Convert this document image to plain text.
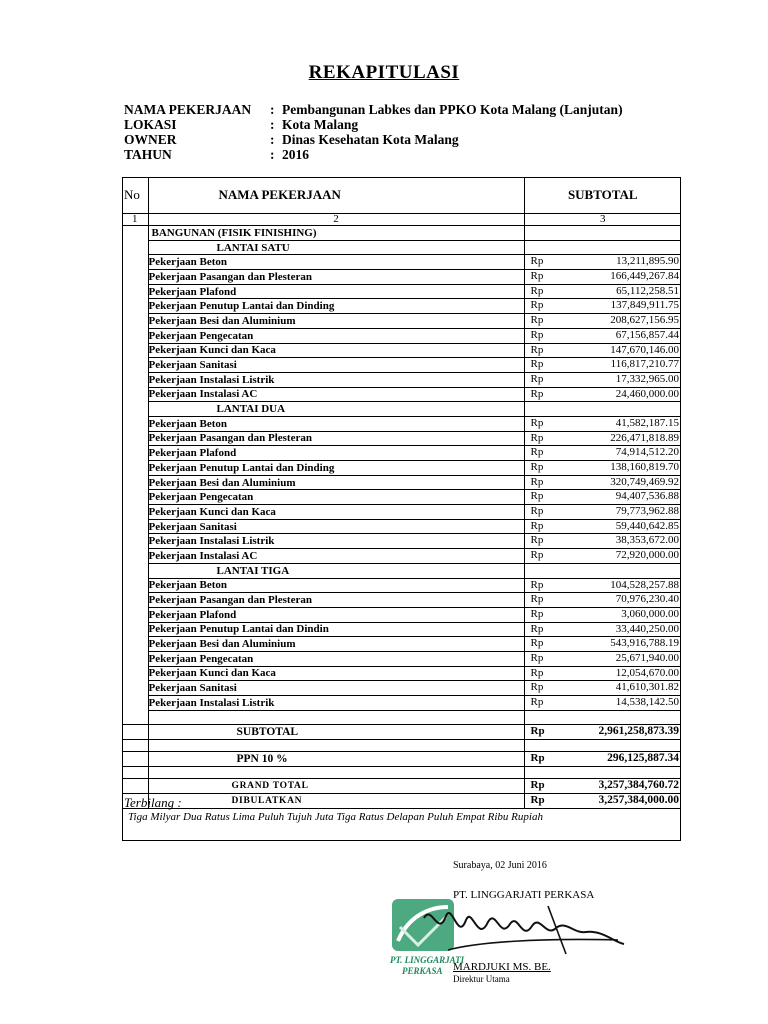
REKAPITULASI
NAMA PEKERJAAN	: Pembangunan Labkes dan PPKO Kota Malang (Lanjutan)
LOKASI	: Kota Malang
OWNER	: Dinas Kesehatan Kota Malang
TAHUN	: 2016
No	NAMA PEKERJAAN	SUBTOTAL
1	2	3
	BANGUNAN (FISIK FINISHING)	
	LANTAI SATU	
	Pekerjaan Beton	Rp 13,211,895.90

	Pekerjaan Pasangan dan Plesteran	Rp 166,449,267.84

	Pekerjaan Plafond	Rp 65,112,258.51

	Pekerjaan Penutup Lantai dan Dinding	Rp 137,849,911.75

	Pekerjaan Besi dan Aluminium	Rp 208,627,156.95

	Pekerjaan Pengecatan	Rp 67,156,857.44

	Pekerjaan Kunci dan Kaca	Rp 147,670,146.00

	Pekerjaan Sanitasi	Rp 116,817,210.77

	Pekerjaan Instalasi Listrik	Rp 17,332,965.00

	Pekerjaan Instalasi AC	Rp 24,460,000.00

	LANTAI DUA	
	Pekerjaan Beton	Rp 41,582,187.15

	Pekerjaan Pasangan dan Plesteran	Rp 226,471,818.89

	Pekerjaan Plafond	Rp 74,914,512.20

	Pekerjaan Penutup Lantai dan Dinding	Rp 138,160,819.70

	Pekerjaan Besi dan Aluminium	Rp 320,749,469.92

	Pekerjaan Pengecatan	Rp 94,407,536.88

	Pekerjaan Kunci dan Kaca	Rp 79,773,962.88

	Pekerjaan Sanitasi	Rp 59,440,642.85

	Pekerjaan Instalasi Listrik	Rp 38,353,672.00

	Pekerjaan Instalasi AC	Rp 72,920,000.00

	LANTAI TIGA	
	Pekerjaan Beton	Rp 104,528,257.88

	Pekerjaan Pasangan dan Plesteran	Rp 70,976,230.40

	Pekerjaan Plafond	Rp 3,060,000.00

	Pekerjaan Penutup Lantai dan Dindin	Rp 33,440,250.00

	Pekerjaan Besi dan Aluminium	Rp 543,916,788.19

	Pekerjaan Pengecatan	Rp 25,671,940.00

	Pekerjaan Kunci dan Kaca	Rp 12,054,670.00

	Pekerjaan Sanitasi	Rp 41,610,301.82

	Pekerjaan Instalasi Listrik	Rp 14,538,142.50

	SUBTOTAL	Rp 2,961,258,873.39

	PPN 10 %	Rp 296,125,887.34

	GRAND TOTAL	Rp 3,257,384,760.72

	DIBULATKAN	Rp 3,257,384,000.00
Terbilang :
Tiga Milyar Dua Ratus Lima Puluh Tujuh Juta Tiga Ratus Delapan Puluh Empat Ribu Rupiah
Surabaya, 02 Juni 2016
PT. LINGGARJATI PERKASA
PT. LINGGARJATI
PERKASA MARDJUKI MS. BE.
Direktur Utama
